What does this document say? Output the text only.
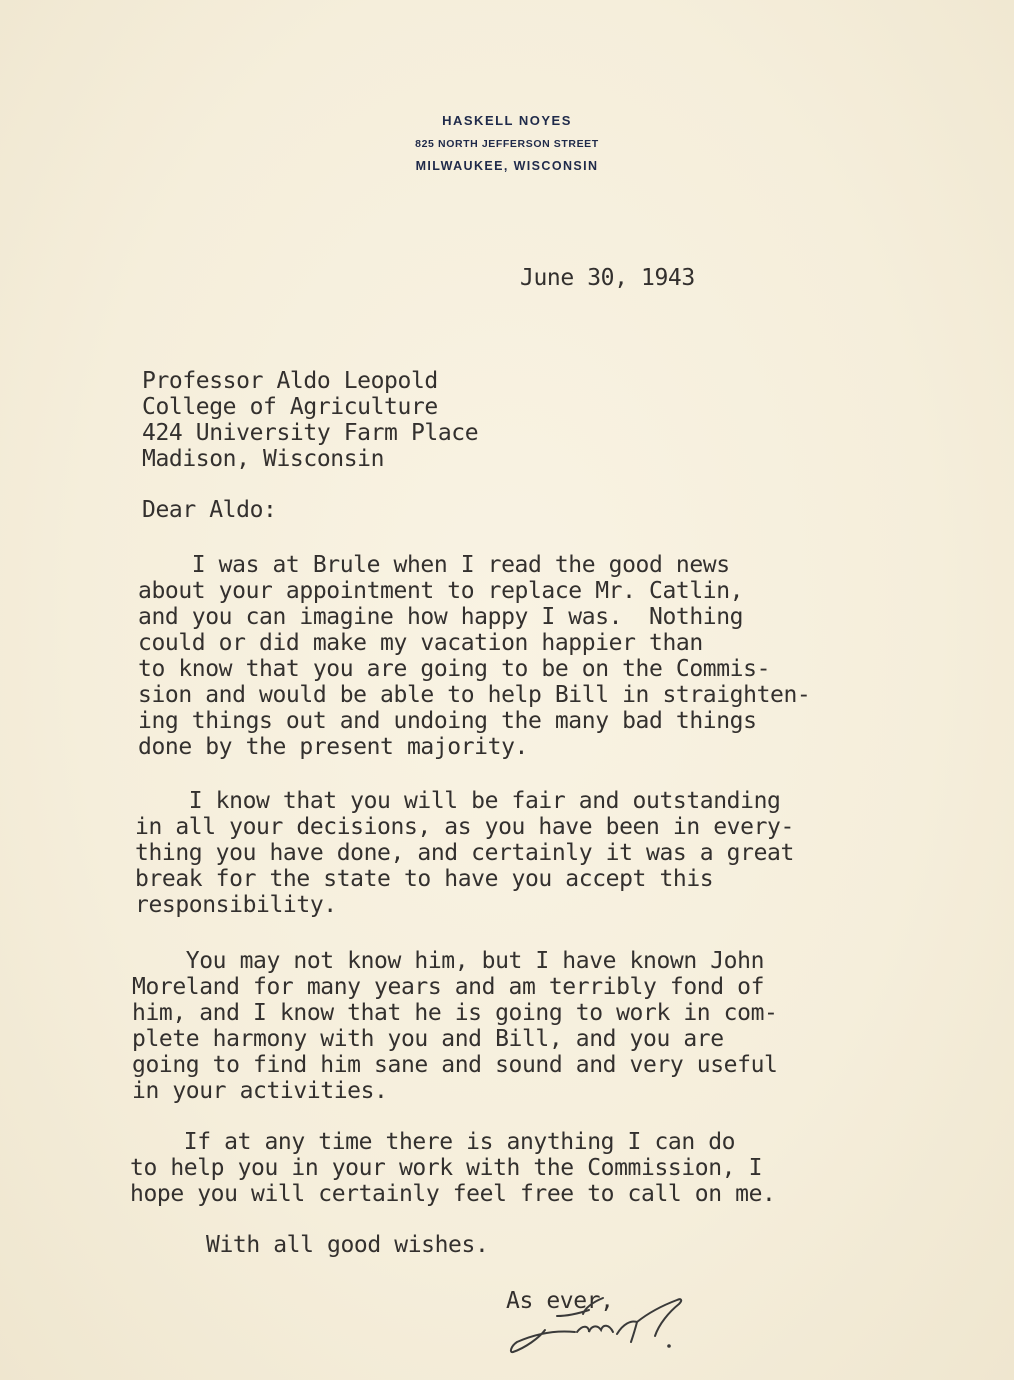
HASKELL NOYES
825 NORTH JEFFERSON STREET
MILWAUKEE, WISCONSIN

June 30, 1943

Professor Aldo Leopold
College of Agriculture
424 University Farm Place
Madison, Wisconsin

Dear Aldo:

I was at Brule when I read the good news
about your appointment to replace Mr. Catlin,
and you can imagine how happy I was.  Nothing
could or did make my vacation happier than
to know that you are going to be on the Commis-
sion and would be able to help Bill in straighten-
ing things out and undoing the many bad things
done by the present majority.
I know that you will be fair and outstanding
in all your decisions, as you have been in every-
thing you have done, and certainly it was a great
break for the state to have you accept this
responsibility.
You may not know him, but I have known John
Moreland for many years and am terribly fond of
him, and I know that he is going to work in com-
plete harmony with you and Bill, and you are
going to find him sane and sound and very useful
in your activities.
If at any time there is anything I can do
to help you in your work with the Commission, I
hope you will certainly feel free to call on me.

With all good wishes.

As ever,
